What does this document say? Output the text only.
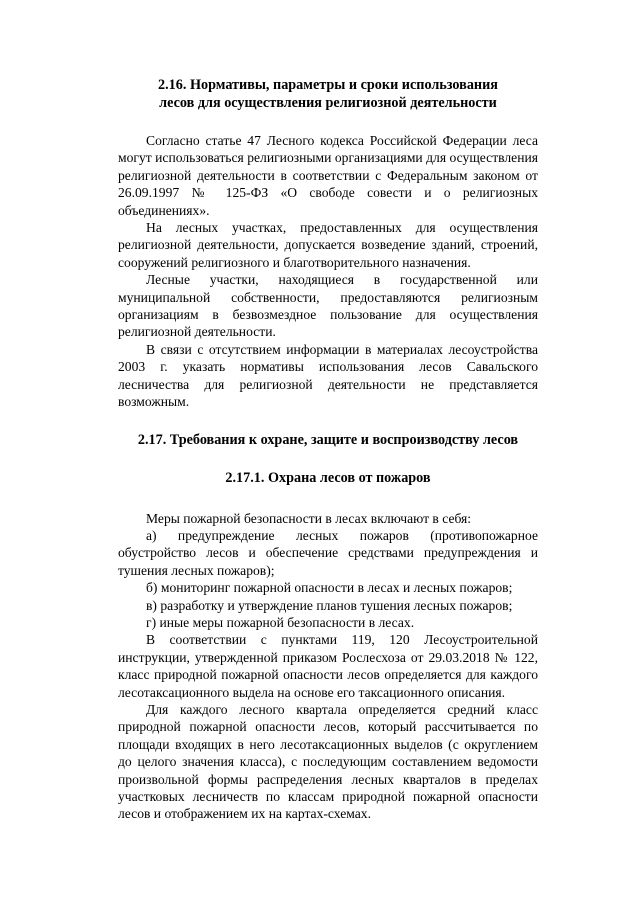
2.16. Нормативы, параметры и сроки использования

лесов для осуществления религиозной деятельности

Согласно статье 47 Лесного кодекса Российской Федерации леса могут использоваться религиозными организациями для осуществления религиозной деятельности в соответствии с Федеральным законом от 26.09.1997 № 125-ФЗ «О свободе совести и о религиозных объединениях».

На лесных участках, предоставленных для осуществления религиозной деятельности, допускается возведение зданий, строений, сооружений религиозного и благотворительного назначения.

Лесные участки, находящиеся в государственной или муниципальной собственности, предоставляются религиозным организациям в безвозмездное пользование для осуществления религиозной деятельности.

В связи с отсутствием информации в материалах лесоустройства 2003 г. указать нормативы использования лесов Савальского лесничества для религиозной деятельности не представляется возможным.

2.17. Требования к охране, защите и воспроизводству лесов

2.17.1. Охрана лесов от пожаров

Меры пожарной безопасности в лесах включают в себя:

а) предупреждение лесных пожаров (противопожарное обустройство лесов и обеспечение средствами предупреждения и тушения лесных пожаров);

б) мониторинг пожарной опасности в лесах и лесных пожаров;

в) разработку и утверждение планов тушения лесных пожаров;

г) иные меры пожарной безопасности в лесах.

В соответствии с пунктами 119, 120 Лесоустроительной инструкции, утвержденной приказом Рослесхоза от 29.03.2018 № 122, класс природной пожарной опасности лесов определяется для каждого лесотаксационного выдела на основе его таксационного описания.

Для каждого лесного квартала определяется средний класс природной пожарной опасности лесов, который рассчитывается по площади входящих в него лесотаксационных выделов (с округлением до целого значения класса), с последующим составлением ведомости произвольной формы распределения лесных кварталов в пределах участковых лесничеств по классам природной пожарной опасности лесов и отображением их на картах-схемах.
